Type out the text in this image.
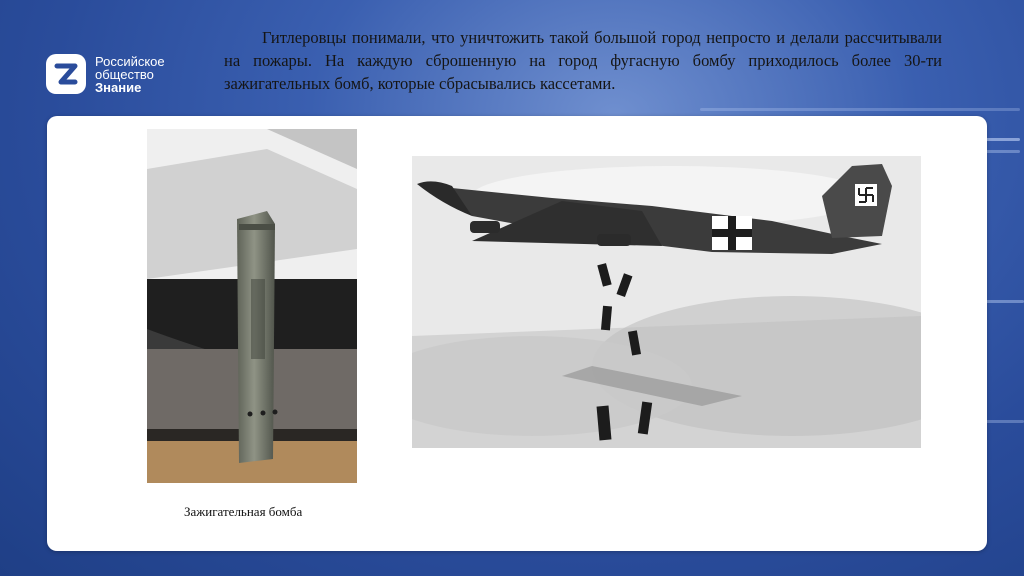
Российское
общество
Знание
Гитлеровцы понимали, что уничтожить такой большой город непросто и делали рассчитывали на пожары. На каждую сброшенную на город фугасную бомбу приходилось более 30-ти зажигательных бомб, которые сбрасывались кассетами.
Зажигательная бомба
